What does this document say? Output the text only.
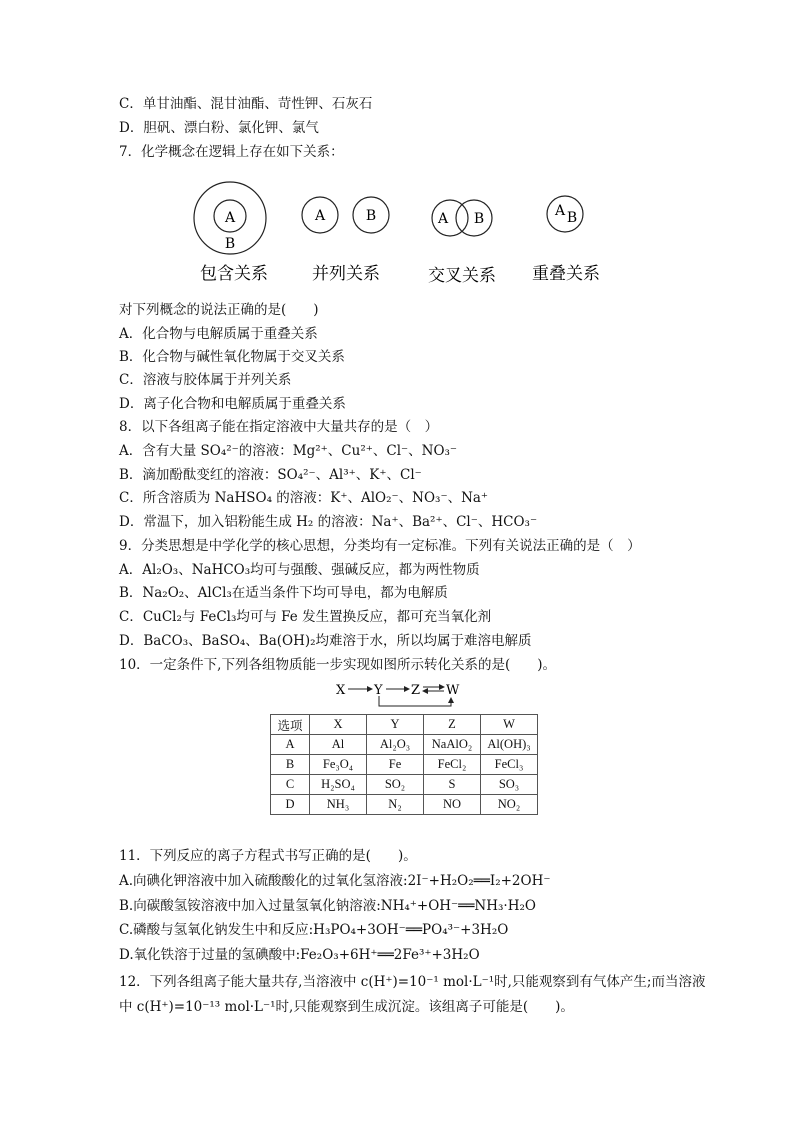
C．单甘油酯、混甘油酯、苛性钾、石灰石
D．胆矾、漂白粉、氯化钾、氯气
7．化学概念在逻辑上存在如下关系：
A
B
包含关系
A	B
并列关系
A B
交叉关系
A B
重叠关系
对下列概念的说法正确的是(　　)
A．化合物与电解质属于重叠关系
B．化合物与碱性氧化物属于交叉关系
C．溶液与胶体属于并列关系
D．离子化合物和电解质属于重叠关系
8．以下各组离子能在指定溶液中大量共存的是（　）
A．含有大量 SO₄²⁻的溶液：Mg²⁺、Cu²⁺、Cl⁻、NO₃⁻
B．滴加酚酞变红的溶液：SO₄²⁻、Al³⁺、K⁺、Cl⁻
C．所含溶质为 NaHSO₄ 的溶液：K⁺、AlO₂⁻、NO₃⁻、Na⁺
D．常温下，加入铝粉能生成 H₂ 的溶液：Na⁺、Ba²⁺、Cl⁻、HCO₃⁻
9．分类思想是中学化学的核心思想，分类均有一定标准。下列有关说法正确的是（　）
A．Al₂O₃、NaHCO₃均可与强酸、强碱反应，都为两性物质
B．Na₂O₂、AlCl₃在适当条件下均可导电，都为电解质
C．CuCl₂与 FeCl₃均可与 Fe 发生置换反应，都可充当氧化剂
D．BaCO₃、BaSO₄、Ba(OH)₂均难溶于水，所以均属于难溶电解质
10．一定条件下,下列各组物质能一步实现如图所示转化关系的是(　　)。
X Y Z W
选项	X	Y	Z	W
A	Al	Al₂O₃	NaAlO₂	Al(OH)₃
B	Fe₃O₄	Fe	FeCl₂	FeCl₃
C	H₂SO₄	SO₂	S	SO₃
D	NH₃	N₂	NO	NO₂
11．下列反应的离子方程式书写正确的是(　　)。
A.向碘化钾溶液中加入硫酸酸化的过氧化氢溶液:2I⁻+H₂O₂══I₂+2OH⁻
B.向碳酸氢铵溶液中加入过量氢氧化钠溶液:NH₄⁺+OH⁻══NH₃·H₂O
C.磷酸与氢氧化钠发生中和反应:H₃PO₄+3OH⁻══PO₄³⁻+3H₂O
D.氧化铁溶于过量的氢碘酸中:Fe₂O₃+6H⁺══2Fe³⁺+3H₂O
12．下列各组离子能大量共存,当溶液中 c(H⁺)=10⁻¹ mol·L⁻¹时,只能观察到有气体产生;而当溶液中 c(H⁺)=10⁻¹³ mol·L⁻¹时,只能观察到生成沉淀。该组离子可能是(　　)。
